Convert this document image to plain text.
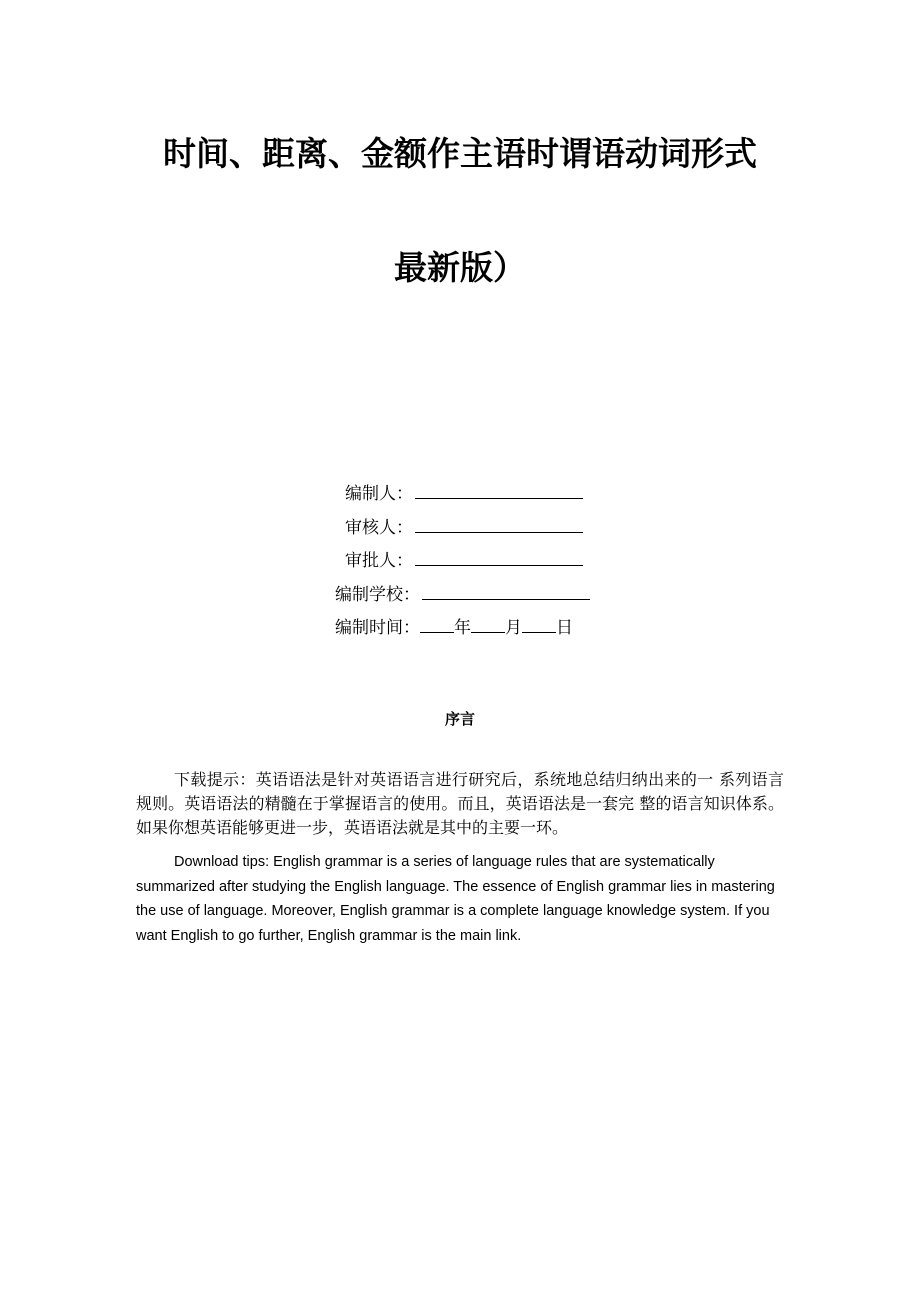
时间、距离、金额作主语时谓语动词形式
最新版）
编制人：
审核人：
审批人：
编制学校：
编制时间： 年 月 日
序言

下载提示：英语语法是针对英语语言进行研究后，系统地总结归纳出来的一 系列语言规则。英语语法的精髓在于掌握语言的使用。而且，英语语法是一套完 整的语言知识体系。如果你想英语能够更进一步，英语语法就是其中的主要一环。

Download tips: English grammar is a series of language rules that are systematically summarized after studying the English language. The essence of English grammar lies in mastering the use of language. Moreover, English grammar is a complete language knowledge system. If you want English to go further, English grammar is the main link.
